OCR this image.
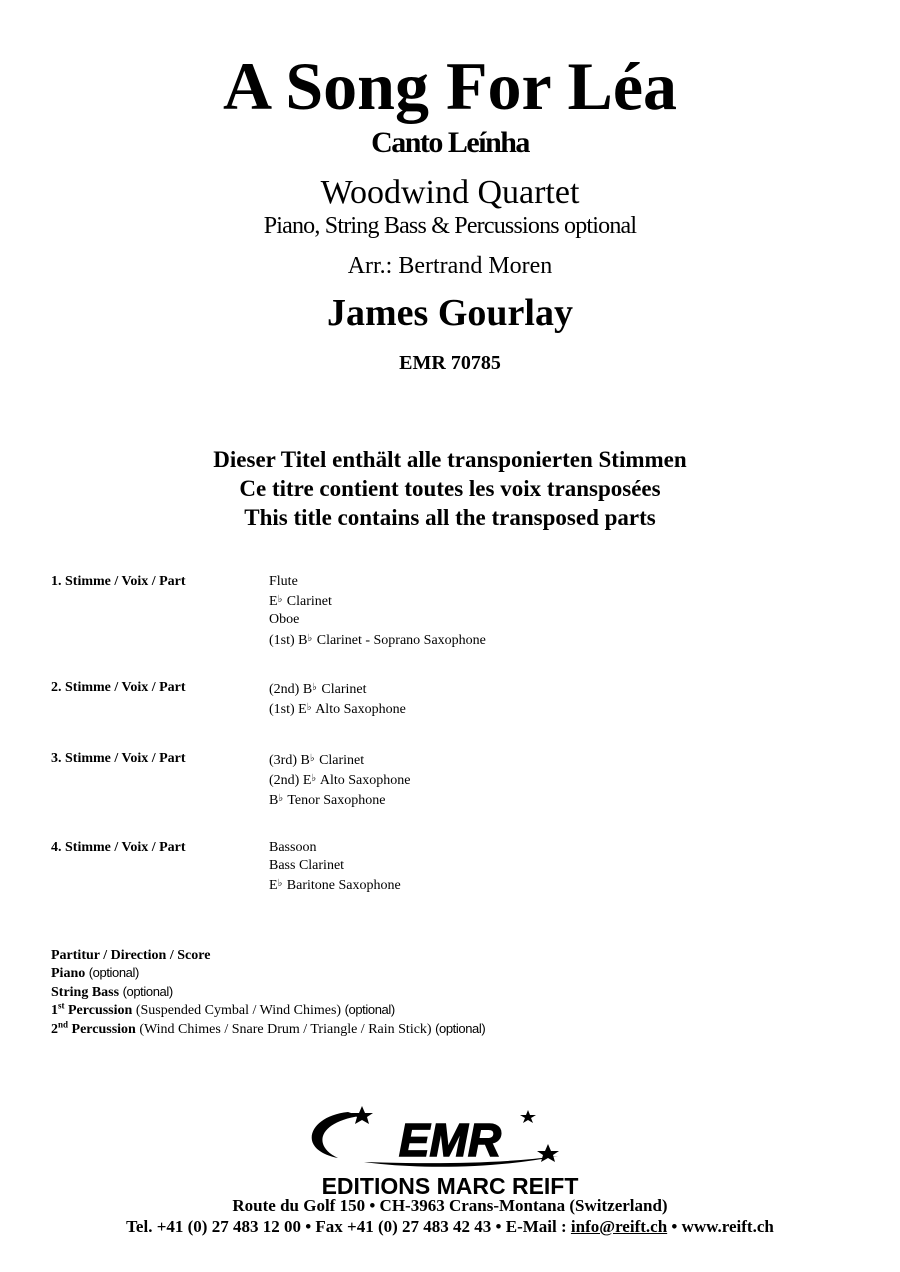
A Song For Léa
Canto Leínha
Woodwind Quartet
Piano, String Bass & Percussions optional
Arr.: Bertrand Moren
James Gourlay
EMR 70785
Dieser Titel enthält alle transponierten Stimmen
Ce titre contient toutes les voix transposées
This title contains all the transposed parts
1. Stimme / Voix / Part	Flute
E♭ Clarinet
Oboe
(1st) B♭ Clarinet - Soprano Saxophone
2. Stimme / Voix / Part	(2nd) B♭ Clarinet
(1st) E♭ Alto Saxophone
3. Stimme / Voix / Part	(3rd) B♭ Clarinet
(2nd) E♭ Alto Saxophone
B♭ Tenor Saxophone
4. Stimme / Voix / Part	Bassoon
Bass Clarinet
E♭ Baritone Saxophone
Partitur / Direction / Score
Piano (optional)
String Bass (optional)
1st Percussion (Suspended Cymbal / Wind Chimes) (optional)
2nd Percussion (Wind Chimes / Snare Drum / Triangle / Rain Stick) (optional)
EMR
EDITIONS MARC REIFT
Route du Golf 150 • CH-3963 Crans-Montana (Switzerland)
Tel. +41 (0) 27 483 12 00 • Fax +41 (0) 27 483 42 43 • E-Mail : info@reift.ch • www.reift.ch
